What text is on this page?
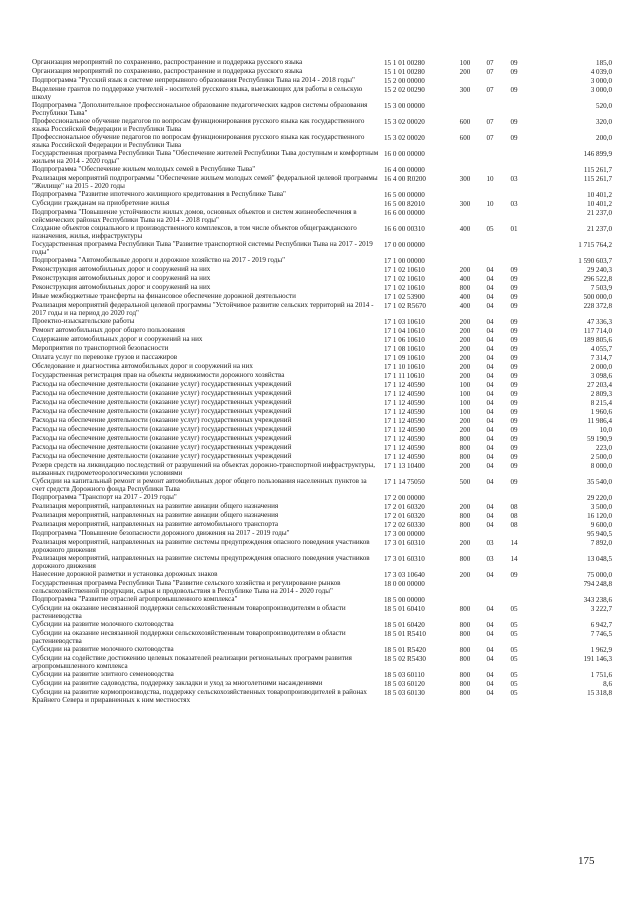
Организация мероприятий по сохранению, распространение и поддержка русского языка	15 1 01 00280	100	07	09	185,0
Организация мероприятий по сохранению, распространение и поддержка русского языка	15 1 01 00280	200	07	09	4 039,0
Подпрограмма "Русский язык в системе непрерывного образования Республики Тыва на 2014 - 2018 годы"	15 2 00 00000	3 000,0
Выделение грантов по поддержке учителей - носителей русского языка, выезжающих для работы в сельскую школу
15 2 02 00290	300	07	09	3 000,0
Подпрограмма "Дополнительное профессиональное образование педагогических кадров системы образования Республики Тыва"
15 3 00 00000	520,0
Профессиональное обучение педагогов по вопросам функционирования русского языка как государственного языка Российской Федерации и Республики Тыва
15 3 02 00020	600	07	09	320,0
Профессиональное обучение педагогов по вопросам функционирования русского языка как государственного языка Российской Федерации и Республики Тыва
15 3 02 00020	600	07	09	200,0
Государственная программа Республики Тыва "Обеспечение жителей Республики Тыва доступным и комфортным жильем на 2014 - 2020 годы"
16 0 00 00000	146 899,9
Подпрограмма "Обеспечение жильем молодых семей в Республике Тыва"	16 4 00 00000	115 261,7
Реализация мероприятий подпрограммы "Обеспечение жильем молодых семей" федеральной целевой программы "Жилище" на 2015 - 2020 годы
16 4 00 R0200	300	10	03	115 261,7
Подпрограмма "Развитие ипотечного жилищного кредитования в Республике Тыва"	16 5 00 00000	10 401,2
Субсидии гражданам на приобретение жилья	16 5 00 82010	300	10	03	10 401,2
Подпрограмма "Повышение устойчивости жилых домов, основных объектов и систем жизнеобеспечения в сейсмических районах Республики Тыва на 2014 - 2018 годы"
16 6 00 00000	21 237,0
Создание объектов социального и производственного комплексов, в том числе объектов общегражданского назначения, жилья, инфраструктуры
16 6 00 00310	400	05	01	21 237,0
Государственная программа Республики Тыва "Развитие транспортной системы Республики Тыва на 2017 - 2019 годы"
17 0 00 00000	1 715 764,2
Подпрограмма "Автомобильные дороги и дорожное хозяйство на 2017 - 2019 годы"	17 1 00 00000	1 590 603,7
Реконструкция автомобильных дорог и сооружений на них	17 1 02 10610	200	04	09	29 240,3
Реконструкция автомобильных дорог и сооружений на них	17 1 02 10610	400	04	09	296 522,8
Реконструкция автомобильных дорог и сооружений на них	17 1 02 10610	800	04	09	7 503,9
Иные межбюджетные трансферты на финансовое обеспечение дорожной деятельности	17 1 02 53900	400	04	09	500 000,0
Реализация мероприятий федеральной целевой программы "Устойчивое развитие сельских территорий на 2014 - 2017 годы и на период до 2020 год"
17 1 02 R5670	400	04	09	228 372,8
Проектно-изыскательские работы	17 1 03 10610	200	04	09	47 336,3
Ремонт автомобильных дорог общего пользования	17 1 04 10610	200	04	09	117 714,0
Содержание автомобильных дорог и сооружений на них	17 1 06 10610	200	04	09	189 805,6
Мероприятия по транспортной безопасности	17 1 08 10610	200	04	09	4 055,7
Оплата услуг по перевозке грузов и пассажиров	17 1 09 10610	200	04	09	7 314,7
Обследование и диагностика автомобильных дорог и сооружений на них	17 1 10 10610	200	04	09	2 000,0
Государственная регистрация прав на объекты недвижимости дорожного хозяйства	17 1 11 10610	200	04	09	3 098,6
Расходы на обеспечение деятельности (оказание услуг) государственных учреждений	17 1 12 40590	100	04	09	27 203,4
Расходы на обеспечение деятельности (оказание услуг) государственных учреждений	17 1 12 40590	100	04	09	2 809,3
Расходы на обеспечение деятельности (оказание услуг) государственных учреждений	17 1 12 40590	100	04	09	8 215,4
Расходы на обеспечение деятельности (оказание услуг) государственных учреждений	17 1 12 40590	100	04	09	1 960,6
Расходы на обеспечение деятельности (оказание услуг) государственных учреждений	17 1 12 40590	200	04	09	11 986,4
Расходы на обеспечение деятельности (оказание услуг) государственных учреждений	17 1 12 40590	200	04	09	10,0
Расходы на обеспечение деятельности (оказание услуг) государственных учреждений	17 1 12 40590	800	04	09	59 190,9
Расходы на обеспечение деятельности (оказание услуг) государственных учреждений	17 1 12 40590	800	04	09	223,0
Расходы на обеспечение деятельности (оказание услуг) государственных учреждений	17 1 12 40590	800	04	09	2 500,0
Резерв средств на ликвидацию последствий от разрушений на объектах дорожно-транспортной инфраструктуры, вызванных гидрометеорологическими условиями
17 1 13 10400	200	04	09	8 000,0
Субсидии на капитальный ремонт и ремонт автомобильных дорог общего пользования населенных пунктов за счет средств Дорожного фонда Республики Тыва
17 1 14 75050	500	04	09	35 540,0
Подпрограмма "Транспорт на 2017 - 2019 годы"	17 2 00 00000	29 220,0
Реализация мероприятий, направленных на развитие авиации общего назначения	17 2 01 60320	200	04	08	3 500,0
Реализация мероприятий, направленных на развитие авиации общего назначения	17 2 01 60320	800	04	08	16 120,0
Реализация мероприятий, направленных на развитие автомобильного транспорта	17 2 02 60330	800	04	08	9 600,0
Подпрограмма "Повышение безопасности дорожного движения на 2017 - 2019 годы"	17 3 00 00000	95 940,5
Реализация мероприятий, направленных на развитие системы предупреждения опасного поведения участников дорожного движения
17 3 01 60310	200	03	14	7 892,0
Реализация мероприятий, направленных на развитие системы предупреждения опасного поведения участников дорожного движения
17 3 01 60310	800	03	14	13 048,5
Нанесение дорожной разметки и установка дорожных знаков	17 3 03 10640	200	04	09	75 000,0
Государственная программа Республики Тыва "Развитие сельского хозяйства и регулирование рынков сельскохозяйственной продукции, сырья и продовольствия в Республике Тыва на 2014 - 2020 годы"
18 0 00 00000	794 248,8
Подпрограмма "Развитие отраслей агропромышленного комплекса"	18 5 00 00000	343 238,6
Субсидии на оказание несвязанной поддержки сельскохозяйственным товаропроизводителям в области растениеводства
18 5 01 60410	800	04	05	3 222,7
Субсидии на развитие молочного скотоводства	18 5 01 60420	800	04	05	6 942,7
Субсидии на оказание несвязанной поддержки сельскохозяйственным товаропроизводителям в области растениеводства
18 5 01 R5410	800	04	05	7 746,5
Субсидии на развитие молочного скотоводства	18 5 01 R5420	800	04	05	1 962,9
Субсидии на содействие достижению целевых показателей реализации региональных программ развития агропромышленного комплекса
18 5 02 R5430	800	04	05	191 146,3
Субсидии на развитие элитного семеноводства	18 5 03 60110	800	04	05	1 751,6
Субсидии на развитие садоводства, поддержку закладки и уход за многолетними насаждениями	18 5 03 60120	800	04	05	8,6
Субсидии на развитие кормопроизводства, поддержку сельскохозяйственных товаропроизводителей в районах Крайнего Севера и приравненных к ним местностях
18 5 03 60130	800	04	05	15 318,8
175
